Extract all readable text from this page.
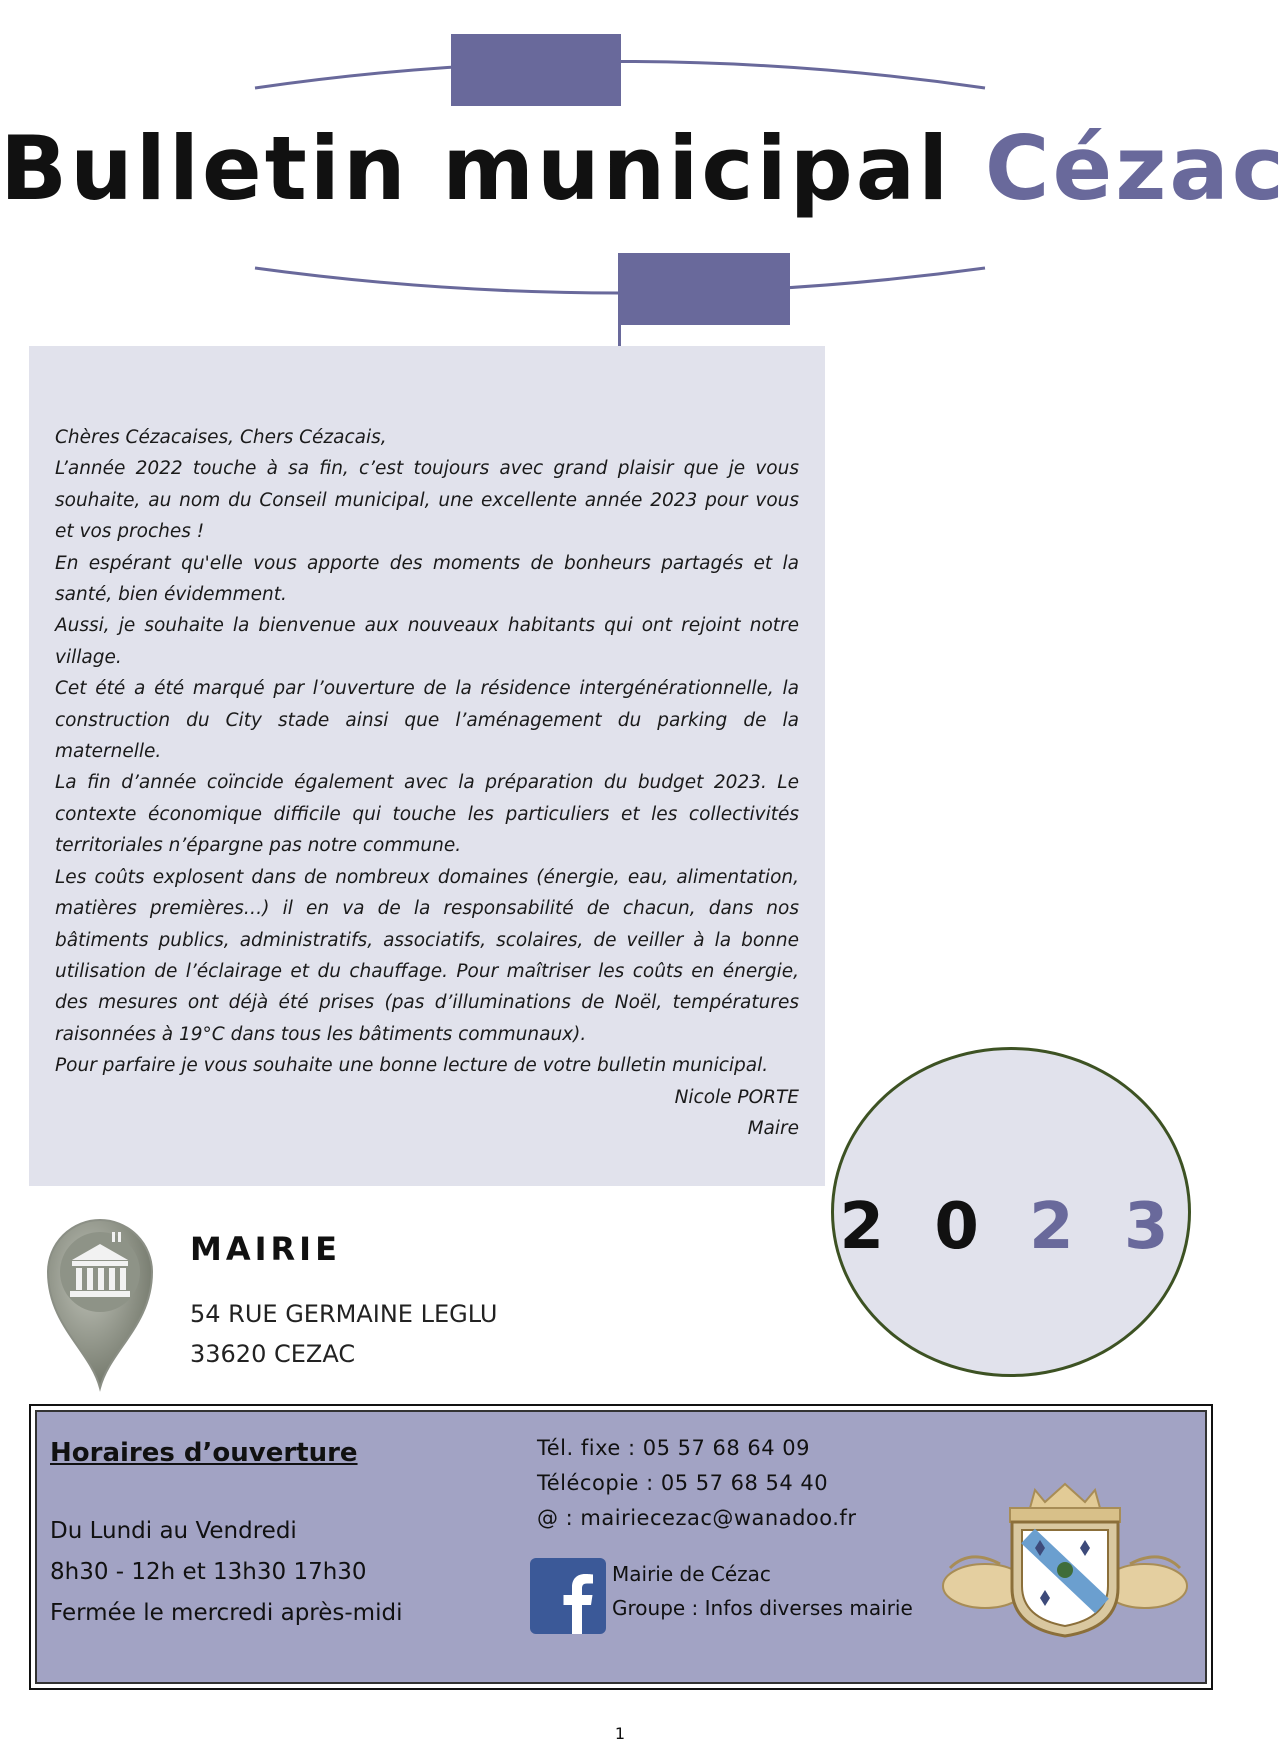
Bulletin municipal Cézac

Chères Cézacaises, Chers Cézacais,

L’année 2022 touche à sa fin, c’est toujours avec grand plaisir que je vous souhaite, au nom du Conseil municipal, une excellente année 2023 pour vous et vos proches !

En espérant qu'elle vous apporte des moments de bonheurs partagés et la santé, bien évidemment.

Aussi, je souhaite la bienvenue aux nouveaux habitants qui ont rejoint notre village.

Cet été a été marqué par l’ouverture de la résidence intergénérationnelle, la construction du City stade ainsi que l’aménagement du parking de la maternelle.

La fin d’année coïncide également avec la préparation du budget 2023. Le contexte économique difficile qui touche les particuliers et les collectivités territoriales n’épargne pas notre commune.

Les coûts explosent dans de nombreux domaines (énergie, eau, alimentation, matières premières…) il en va de la responsabilité de chacun, dans nos bâtiments publics, administratifs, associatifs, scolaires, de veiller à la bonne utilisation de l’éclairage et du chauffage. Pour maîtriser les coûts en énergie, des mesures ont déjà été prises (pas d’illuminations de Noël, températures raisonnées à 19°C dans tous les bâtiments communaux).

Pour parfaire je vous souhaite une bonne lecture de votre bulletin municipal.

Nicole PORTE

Maire

2 0 2 3
MAIRIE
54 RUE GERMAINE LEGLU
33620 CEZAC
Horaires d’ouverture
Du Lundi au Vendredi
8h30 - 12h et 13h30 17h30
Fermée le mercredi après-midi
Tél. fixe : 05 57 68 64 09
Télécopie : 05 57 68 54 40
@ : mairiecezac@wanadoo.fr
Mairie de Cézac
Groupe : Infos diverses mairie
1
